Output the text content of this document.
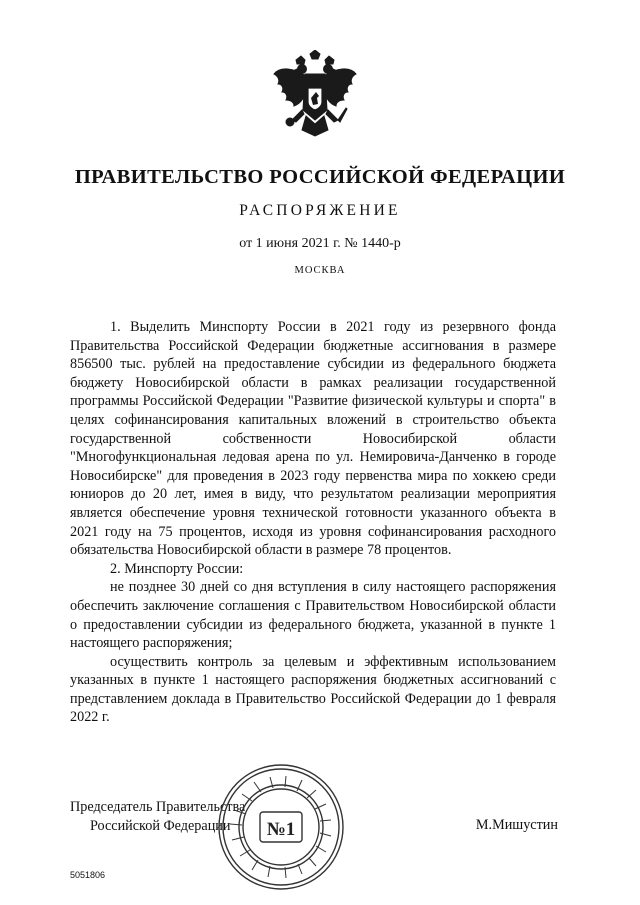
ПРАВИТЕЛЬСТВО РОССИЙСКОЙ ФЕДЕРАЦИИ
РАСПОРЯЖЕНИЕ
от 1 июня 2021 г. № 1440-р
МОСКВА

1. Выделить Минспорту России в 2021 году из резервного фонда Правительства Российской Федерации бюджетные ассигнования в размере 856500 тыс. рублей на предоставление субсидии из федерального бюджета бюджету Новосибирской области в рамках реализации государственной программы Российской Федерации "Развитие физической культуры и спорта" в целях софинансирования капитальных вложений в строительство объекта государственной собственности Новосибирской области "Многофункциональная ледовая арена по ул. Немировича-Данченко в городе Новосибирске" для проведения в 2023 году первенства мира по хоккею среди юниоров до 20 лет, имея в виду, что результатом реализации мероприятия является обеспечение уровня технической готовности указанного объекта в 2021 году на 75 процентов, исходя из уровня софинансирования расходного обязательства Новосибирской области в размере 78 процентов.

2. Минспорту России:

не позднее 30 дней со дня вступления в силу настоящего распоряжения обеспечить заключение соглашения с Правительством Новосибирской области о предоставлении субсидии из федерального бюджета, указанной в пункте 1 настоящего распоряжения;

осуществить контроль за целевым и эффективным использованием указанных в пункте 1 настоящего распоряжения бюджетных ассигнований с представлением доклада в Правительство Российской Федерации до 1 февраля 2022 г.

Председатель Правительства
Российской Федерации	М.Мишустин
№1
5051806
